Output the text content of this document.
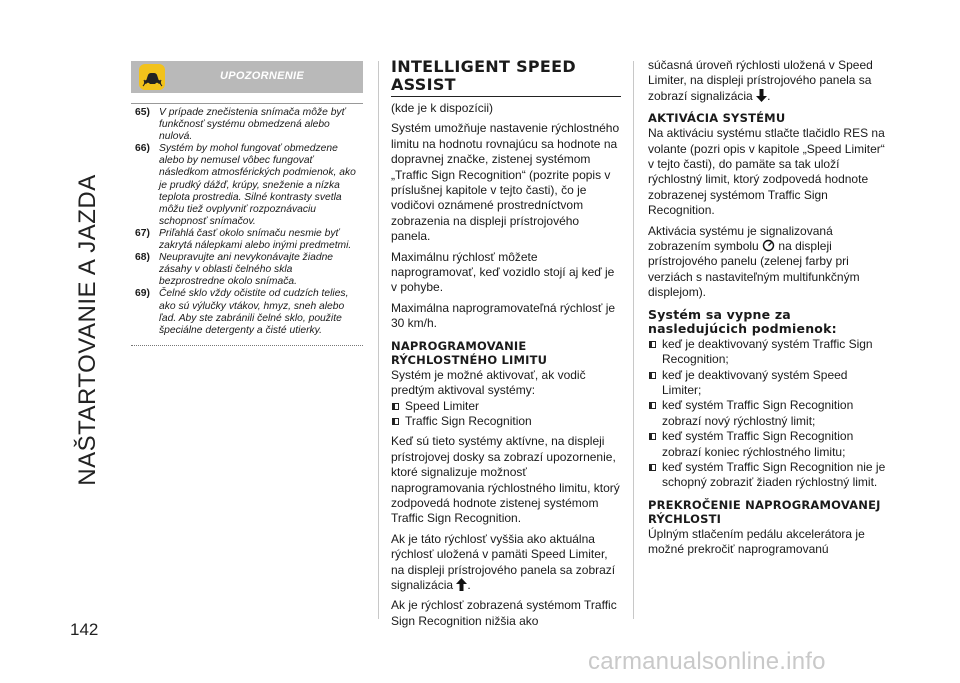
NAŠTARTOVANIE A JAZDA
UPOZORNENIE
65) V prípade znečistenia snímača môže byť funkčnosť systému obmedzená alebo nulová.
66) Systém by mohol fungovať obmedzene alebo by nemusel vôbec fungovať následkom atmosférických podmienok, ako je prudký dážď, krúpy, sneženie a nízka teplota prostredia. Silné kontrasty svetla môžu tiež ovplyvniť rozpoznávaciu schopnosť snímačov.
67) Priľahlá časť okolo snímaču nesmie byť zakrytá nálepkami alebo inými predmetmi.
68) Neupravujte ani nevykonávajte žiadne zásahy v oblasti čelného skla bezprostredne okolo snímača.
69) Čelné sklo vždy očistite od cudzích telies, ako sú výlučky vtákov, hmyz, sneh alebo ľad. Aby ste zabránili čelné sklo, použite špeciálne detergenty a čisté utierky.
INTELLIGENT SPEED ASSIST

(kde je k dispozícii)

Systém umožňuje nastavenie rýchlostného limitu na hodnotu rovnajúcu sa hodnote na dopravnej značke, zistenej systémom „Traffic Sign Recognition“ (pozrite popis v príslušnej kapitole v tejto časti), čo je vodičovi oznámené prostredníctvom zobrazenia na displeji prístrojového panela.

Maximálnu rýchlosť môžete naprogramovať, keď vozidlo stojí aj keď je v pohybe.

Maximálna naprogramovateľná rýchlosť je 30 km/h.

NAPROGRAMOVANIE RÝCHLOSTNÉHO LIMITU

Systém je možné aktivovať, ak vodič predtým aktivoval systémy:

Speed Limiter
Traffic Sign Recognition

Keď sú tieto systémy aktívne, na displeji prístrojovej dosky sa zobrazí upozornenie, ktoré signalizuje možnosť naprogramovania rýchlostného limitu, ktorý zodpovedá hodnote zistenej systémom Traffic Sign Recognition.

Ak je táto rýchlosť vyššia ako aktuálna rýchlosť uložená v pamäti Speed Limiter, na displeji prístrojového panela sa zobrazí signalizácia .

Ak je rýchlosť zobrazená systémom Traffic Sign Recognition nižšia ako

súčasná úroveň rýchlosti uložená v Speed Limiter, na displeji prístrojového panela sa zobrazí signalizácia .

AKTIVÁCIA SYSTÉMU

Na aktiváciu systému stlačte tlačidlo RES na volante (pozri opis v kapitole „Speed Limiter“ v tejto časti), do pamäte sa tak uloží rýchlostný limit, ktorý zodpovedá hodnote zobrazenej systémom Traffic Sign Recognition.

Aktivácia systému je signalizovaná zobrazením symbolu na displeji prístrojového panelu (zelenej farby pri verziách s nastaviteľným multifunkčným displejom).

Systém sa vypne za nasledujúcich podmienok:
keď je deaktivovaný systém Traffic Sign Recognition;
keď je deaktivovaný systém Speed Limiter;
keď systém Traffic Sign Recognition zobrazí nový rýchlostný limit;
keď systém Traffic Sign Recognition zobrazí koniec rýchlostného limitu;
keď systém Traffic Sign Recognition nie je schopný zobraziť žiaden rýchlostný limit.
PREKROČENIE NAPROGRAMOVANEJ RÝCHLOSTI

Úplným stlačením pedálu akcelerátora je možné prekročiť naprogramovanú

142
carmanualsonline.info
